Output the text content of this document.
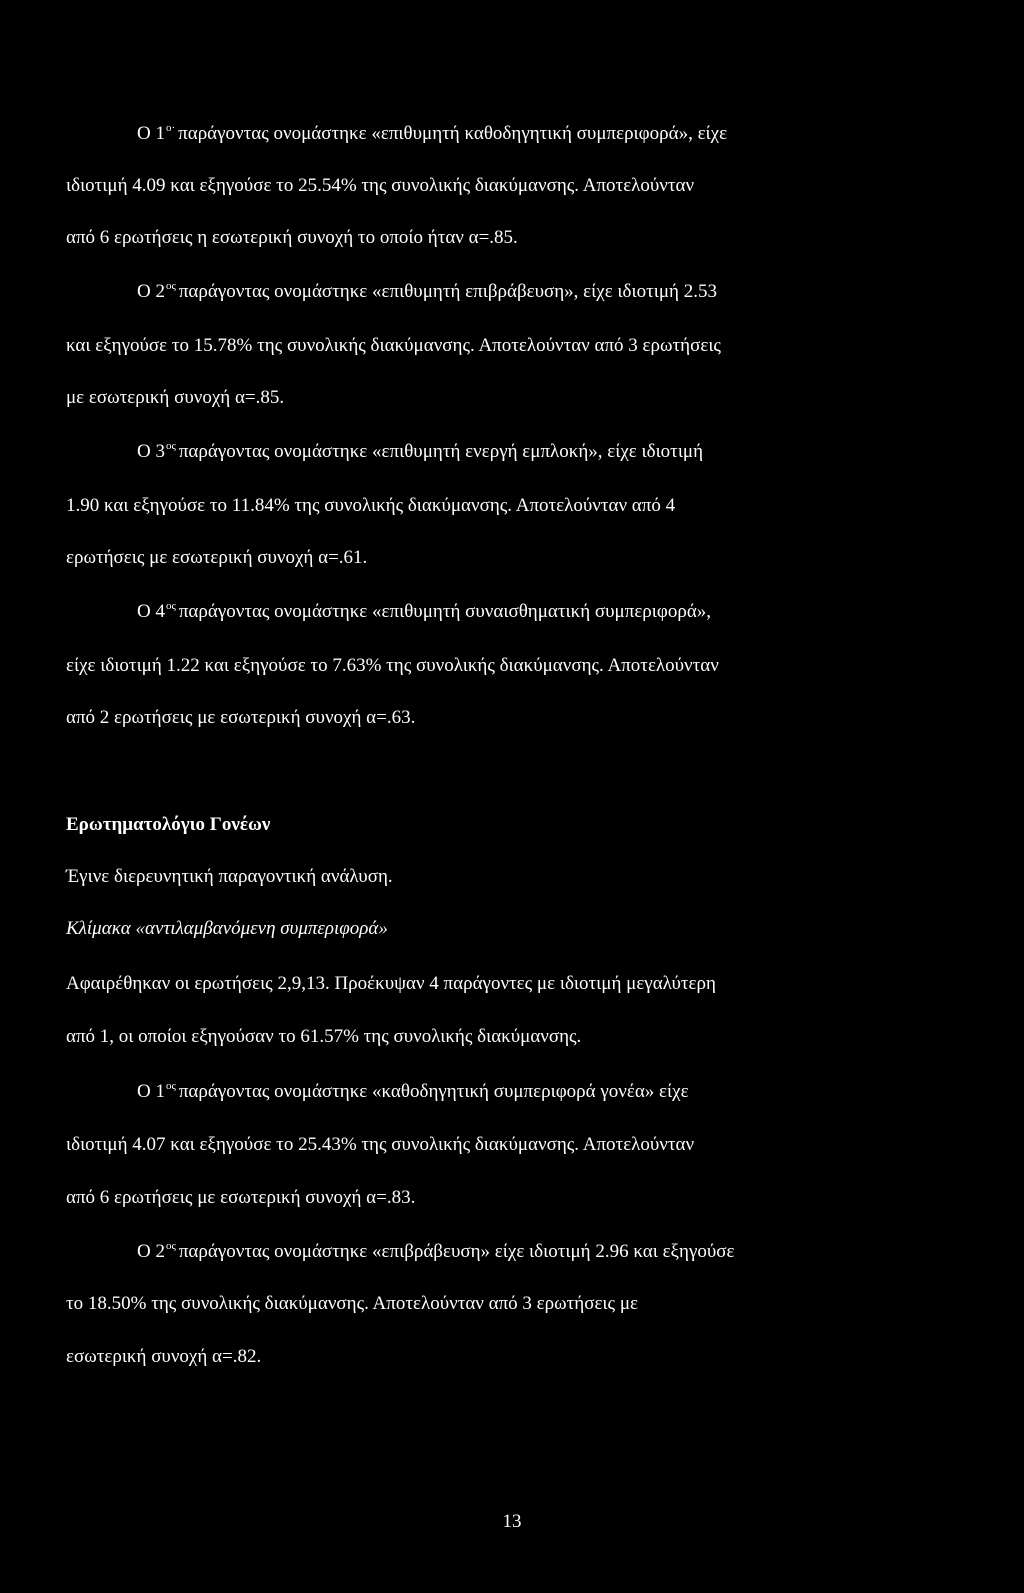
Ο $1^{o\cdot}$ παράγοντας ονομάστηκε «επιθυμητή καθοδηγητική συμπεριφορά», είχε

ιδιοτιμή 4.09 και εξηγούσε το 25.54% της συνολικής διακύμανσης. Αποτελούνταν

από 6 ερωτήσεις η εσωτερική συνοχή το οποίο ήταν α=.85.

Ο $2^{o\varsigma}$ παράγοντας ονομάστηκε «επιθυμητή επιβράβευση», είχε ιδιοτιμή 2.53

και εξηγούσε το 15.78% της συνολικής διακύμανσης. Αποτελούνταν από 3 ερωτήσεις

με εσωτερική συνοχή α=.85.

Ο $3^{o\varsigma}$ παράγοντας ονομάστηκε «επιθυμητή ενεργή εμπλοκή», είχε ιδιοτιμή

1.90 και εξηγούσε το 11.84% της συνολικής διακύμανσης. Αποτελούνταν από 4

ερωτήσεις με εσωτερική συνοχή α=.61.

Ο $4^{o\varsigma}$ παράγοντας ονομάστηκε «επιθυμητή συναισθηματική συμπεριφορά»,

είχε ιδιοτιμή 1.22 και εξηγούσε το 7.63% της συνολικής διακύμανσης. Αποτελούνταν

από 2 ερωτήσεις με εσωτερική συνοχή α=.63.

Ερωτηματολόγιο Γονέων

Έγινε διερευνητική παραγοντική ανάλυση.

Κλίμακα «αντιλαμβανόμενη συμπεριφορά»

Αφαιρέθηκαν οι ερωτήσεις 2,9,13. Προέκυψαν 4 παράγοντες με ιδιοτιμή μεγαλύτερη

από 1, οι οποίοι εξηγούσαν το 61.57% της συνολικής διακύμανσης.

Ο $1^{o\varsigma}$ παράγοντας ονομάστηκε «καθοδηγητική συμπεριφορά γονέα» είχε

ιδιοτιμή 4.07 και εξηγούσε το 25.43% της συνολικής διακύμανσης. Αποτελούνταν

από 6 ερωτήσεις με εσωτερική συνοχή α=.83.

Ο $2^{o\varsigma}$ παράγοντας ονομάστηκε «επιβράβευση» είχε ιδιοτιμή 2.96 και εξηγούσε

το 18.50% της συνολικής διακύμανσης. Αποτελούνταν από 3 ερωτήσεις με

εσωτερική συνοχή α=.82.

13
